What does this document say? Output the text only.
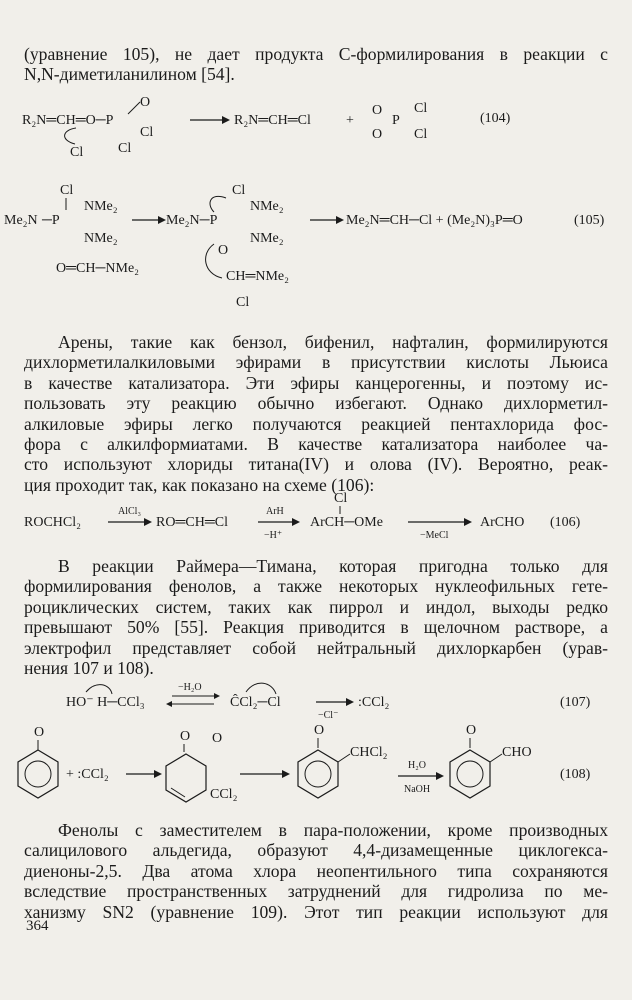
(уравнение 105), не дает продукта C-формилирования в реакции с
N,N-диметиланилином [54].
R₂N═CH═O─P
O
Cl
Cl
Cl
R₂N═CH═Cl	+
O
P
Cl
Cl
O
(104)
Cl
Me₂N ─P
NMe₂
NMe₂
O═CH─NMe₂
Me₂N─P
Cl
NMe₂
NMe₂
O
CH═NMe₂
Cl
Me₂N═CH─Cl + (Me₂N)₃P═O	(105)
Арены, такие как бензол, бифенил, нафталин, формилируются
дихлорметилалкиловыми эфирами в присутствии кислоты Льюиса
в качестве катализатора. Эти эфиры канцерогенны, и поэтому ис-
пользовать эту реакцию обычно избегают. Однако дихлорметил-
алкиловые эфиры легко получаются реакцией пентахлорида фос-
фора с алкилформиатами. В качестве катализатора наиболее ча-
сто используют хлориды титана(IV) и олова (IV). Вероятно, реак-
ция проходит так, как показано на схеме (106):
ROCHCl₂
AlCl₃
RO═CH═Cl
ArH
−H⁺
Cl
ArCH─OMe
−MeCl
ArCHO (106)
В реакции Раймера—Тимана, которая пригодна только для
формилирования фенолов, а также некоторых нуклеофильных гете-
роциклических систем, таких как пиррол и индол, выходы редко
превышают 50% [55]. Реакция приводится в щелочном растворе, а
электрофил представляет собой нейтральный дихлоркарбен (урав-
нения 107 и 108).
HO⁻ H─CCl₃
−H₂O
ĈCl₂─Cl
−Cl⁻
:CCl₂	(107)
O
+ :CCl₂
O O
CCl₂
O
CHCl₂
H₂O
NaOH
O
CHO
(108)
Фенолы с заместителем в пара-положении, кроме производных
салицилового альдегида, образуют 4,4-дизамещенные циклогекса-
диеноны-2,5. Два атома хлора неопентильного типа сохраняются
вследствие пространственных затруднений для гидролиза по ме-
ханизму SN2 (уравнение 109). Этот тип реакции используют для
364
